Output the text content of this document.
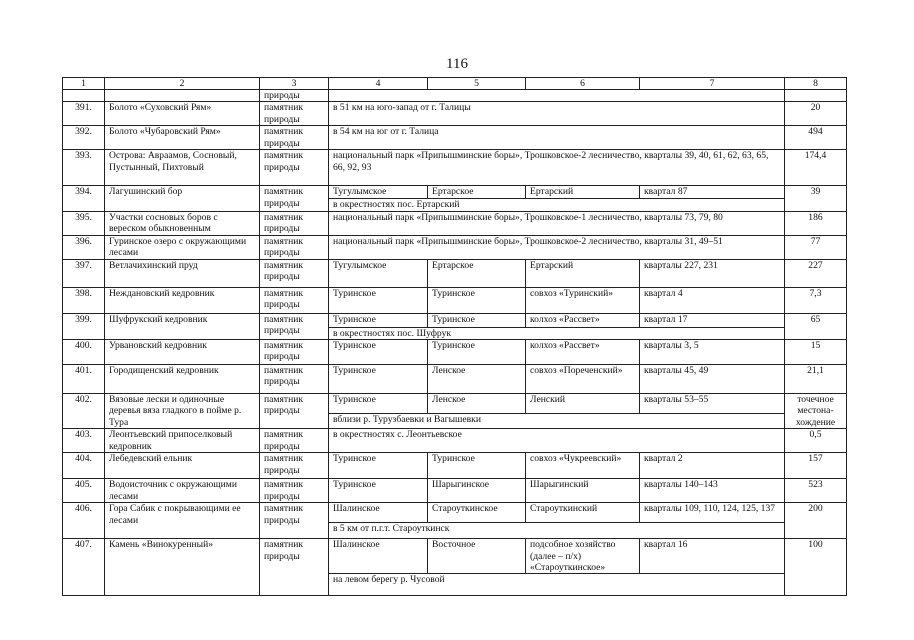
116
1	2	3	4	5	6	7	8
		природы					
391.	Болото «Суховский Рям»	памятник природы	в 51 км на юго-запад от г. Талицы				20
392.	Болото «Чубаровский Рям»	памятник природы	в 54 км на юг от г. Талица				494
393.	Острова: Авраамов, Сосновый, Пустынный, Пихтовый	памятник природы	национальный парк «Припышминские боры», Трошковское-2 лесничество, кварталы 39, 40, 61, 62, 63, 65, 66, 92, 93				174,4
394.	Лагушинский бор	памятник природы	Тугулымское	Ертарское	Ертарский	квартал 87	39
			в окрестностях пос. Ертарский				
395.	Участки сосновых боров с вереском обыкновенным	памятник природы	национальный парк «Припышминские боры», Трошковское-1 лесничество, кварталы 73, 79, 80				186
396.	Гуринское озеро с окружающими лесами	памятник природы	национальный парк «Припышминские боры», Трошковское-2 лесничество, кварталы 31, 49–51				77
397.	Ветлачихинский пруд	памятник природы	Тугулымское	Ертарское	Ертарский	кварталы 227, 231	227
398.	Неждановский кедровник	памятник природы	Туринское	Туринское	совхоз «Туринский»	квартал 4	7,3
399.	Шуфрукский кедровник	памятник природы	Туринское	Туринское	колхоз «Рассвет»	квартал 17	65
			в окрестностях пос. Шуфрук				
400.	Урвановский кедровник	памятник природы	Туринское	Туринское	колхоз «Рассвет»	кварталы 3, 5	15
401.	Городищенский кедровник	памятник природы	Туринское	Ленское	совхоз «Пореченский»	кварталы 45, 49	21,1
402.	Вязовые лески и одиночные деревья вяза гладкого в пойме р. Тура	памятник природы	Туринское	Ленское	Ленский	кварталы 53–55	точечное местона-хождение
			вблизи р. Турузбаевки и Вагышевки				
403.	Леонтьевский припоселковый кедровник	памятник природы	в окрестностях с. Леонтьевское				0,5
404.	Лебедевский ельник	памятник природы	Туринское	Туринское	совхоз «Чукреевский»	квартал 2	157
405.	Водоисточник с окружающими лесами	памятник природы	Туринское	Шарыгинское	Шарыгинский	кварталы 140–143	523
406.	Гора Сабик с покрывающими ее лесами	памятник природы	Шалинское	Староуткинское	Староуткинский	кварталы 109, 110, 124, 125, 137	200
			в 5 км от п.г.т. Староуткинск				
407.	Камень «Винокуренный»	памятник природы	Шалинское	Восточное	подсобное хозяйство (далее – п/х) «Староуткинское»	квартал 16	100
			на левом берегу р. Чусовой				
